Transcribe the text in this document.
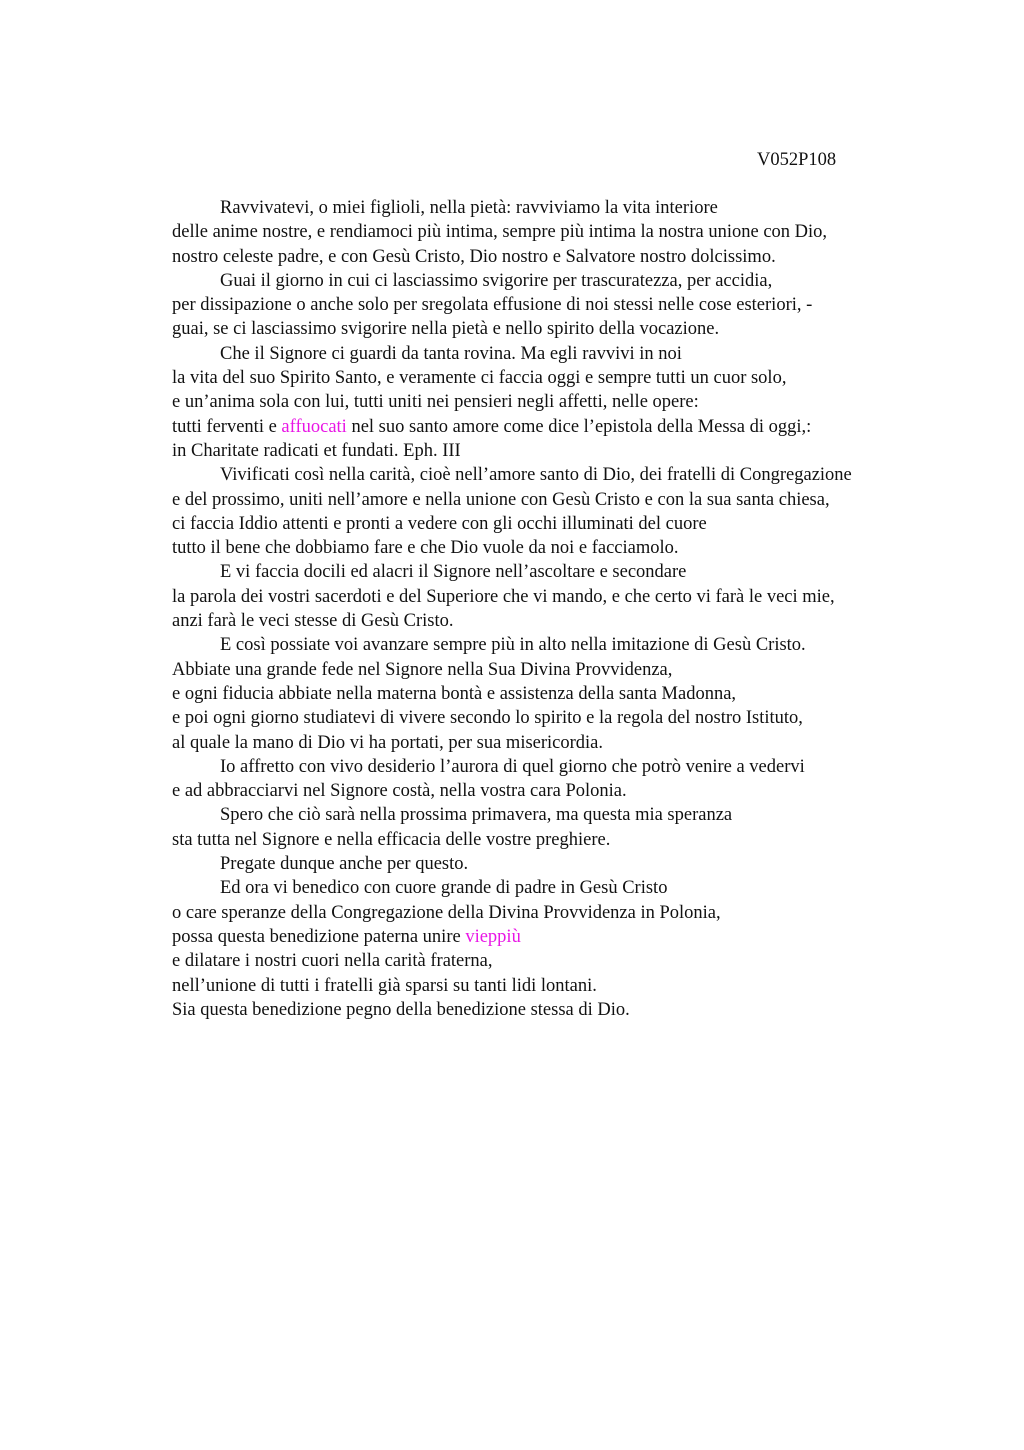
V052P108
Ravvivatevi, o miei figlioli, nella pietà: ravviviamo la vita interiore
delle anime nostre, e rendiamoci più intima, sempre più intima la nostra unione con Dio,
nostro celeste padre, e con Gesù Cristo, Dio nostro e Salvatore nostro dolcissimo.
Guai il giorno in cui ci lasciassimo svigorire per trascuratezza, per accidia,
per dissipazione o anche solo per sregolata effusione di noi stessi nelle cose esteriori, -
guai, se ci lasciassimo svigorire nella pietà e nello spirito della vocazione.
Che il Signore ci guardi da tanta rovina. Ma egli ravvivi in noi
la vita del suo Spirito Santo, e veramente ci faccia oggi e sempre tutti un cuor solo,
e un’anima sola con lui, tutti uniti nei pensieri negli affetti, nelle opere:
tutti ferventi e affuocati nel suo santo amore come dice l’epistola della Messa di oggi,:
in Charitate radicati et fundati. Eph. III
Vivificati così nella carità, cioè nell’amore santo di Dio, dei fratelli di Congregazione
e del prossimo, uniti nell’amore e nella unione con Gesù Cristo e con la sua santa chiesa,
ci faccia Iddio attenti e pronti a vedere con gli occhi illuminati del cuore
tutto il bene che dobbiamo fare e che Dio vuole da noi e facciamolo.
E vi faccia docili ed alacri il Signore nell’ascoltare e secondare
la parola dei vostri sacerdoti e del Superiore che vi mando, e che certo vi farà le veci mie,
anzi farà le veci stesse di Gesù Cristo.
E così possiate voi avanzare sempre più in alto nella imitazione di Gesù Cristo.
Abbiate una grande fede nel Signore nella Sua Divina Provvidenza,
e ogni fiducia abbiate nella materna bontà e assistenza della santa Madonna,
e poi ogni giorno studiatevi di vivere secondo lo spirito e la regola del nostro Istituto,
al quale la mano di Dio vi ha portati, per sua misericordia.
Io affretto con vivo desiderio l’aurora di quel giorno che potrò venire a vedervi
e ad abbracciarvi nel Signore costà, nella vostra cara Polonia.
Spero che ciò sarà nella prossima primavera, ma questa mia speranza
sta tutta nel Signore e nella efficacia delle vostre preghiere.
Pregate dunque anche per questo.
Ed ora vi benedico con cuore grande di padre in Gesù Cristo
o care speranze della Congregazione della Divina Provvidenza in Polonia,
possa questa benedizione paterna unire vieppiù
e dilatare i nostri cuori nella carità fraterna,
nell’unione di tutti i fratelli già sparsi su tanti lidi lontani.
Sia questa benedizione pegno della benedizione stessa di Dio.
